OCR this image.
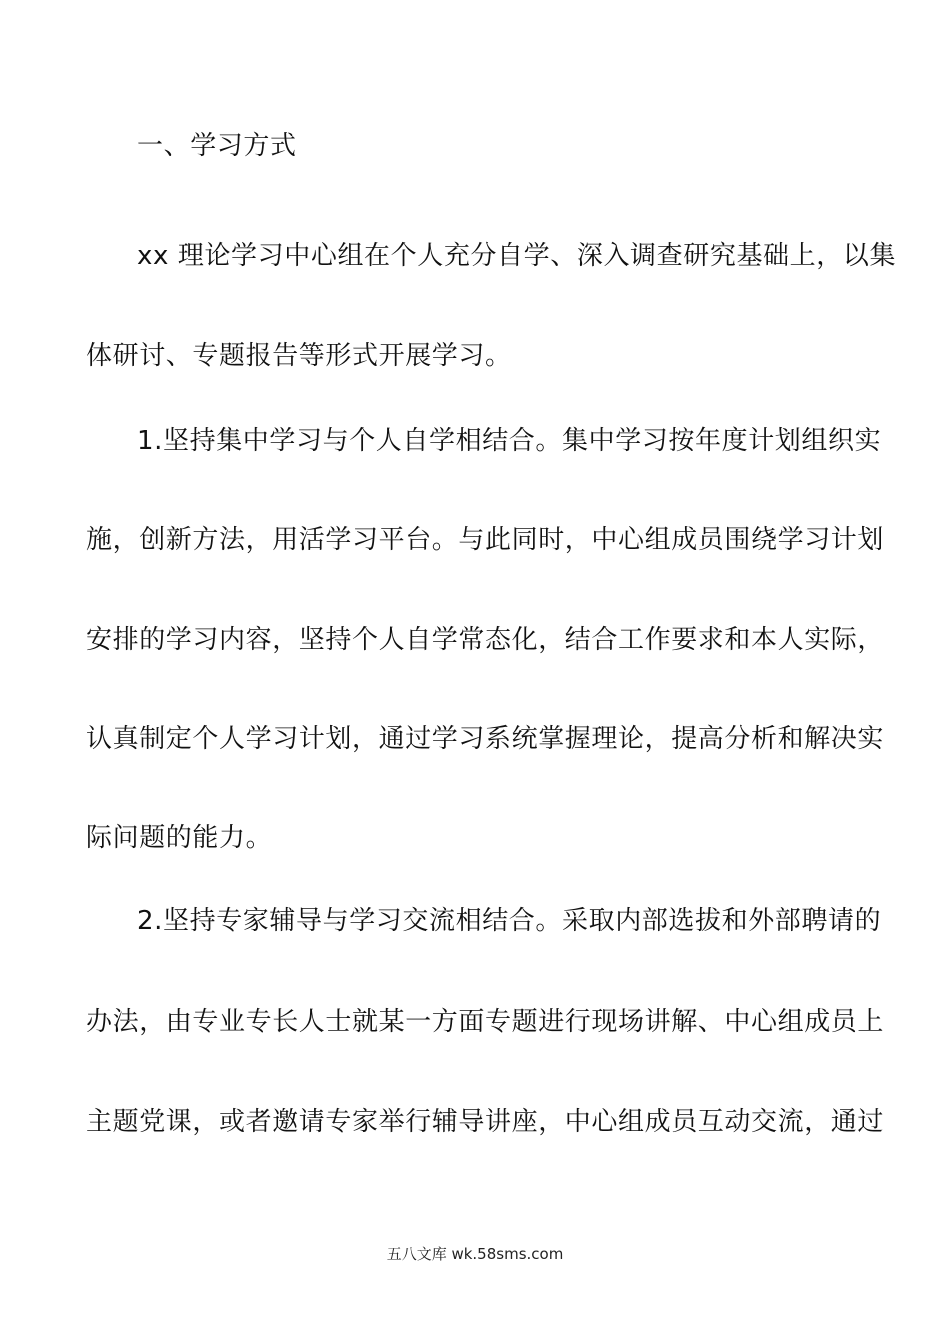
一、学习方式
xx 理论学习中心组在个人充分自学、深入调查研究基础上，以集
体研讨、专题报告等形式开展学习。
1.坚持集中学习与个人自学相结合。集中学习按年度计划组织实
施，创新方法，用活学习平台。与此同时，中心组成员围绕学习计划
安排的学习内容，坚持个人自学常态化，结合工作要求和本人实际，
认真制定个人学习计划，通过学习系统掌握理论，提高分析和解决实
际问题的能力。
2.坚持专家辅导与学习交流相结合。采取内部选拔和外部聘请的
办法，由专业专长人士就某一方面专题进行现场讲解、中心组成员上
主题党课，或者邀请专家举行辅导讲座，中心组成员互动交流，通过
五八文库 wk.58sms.com
